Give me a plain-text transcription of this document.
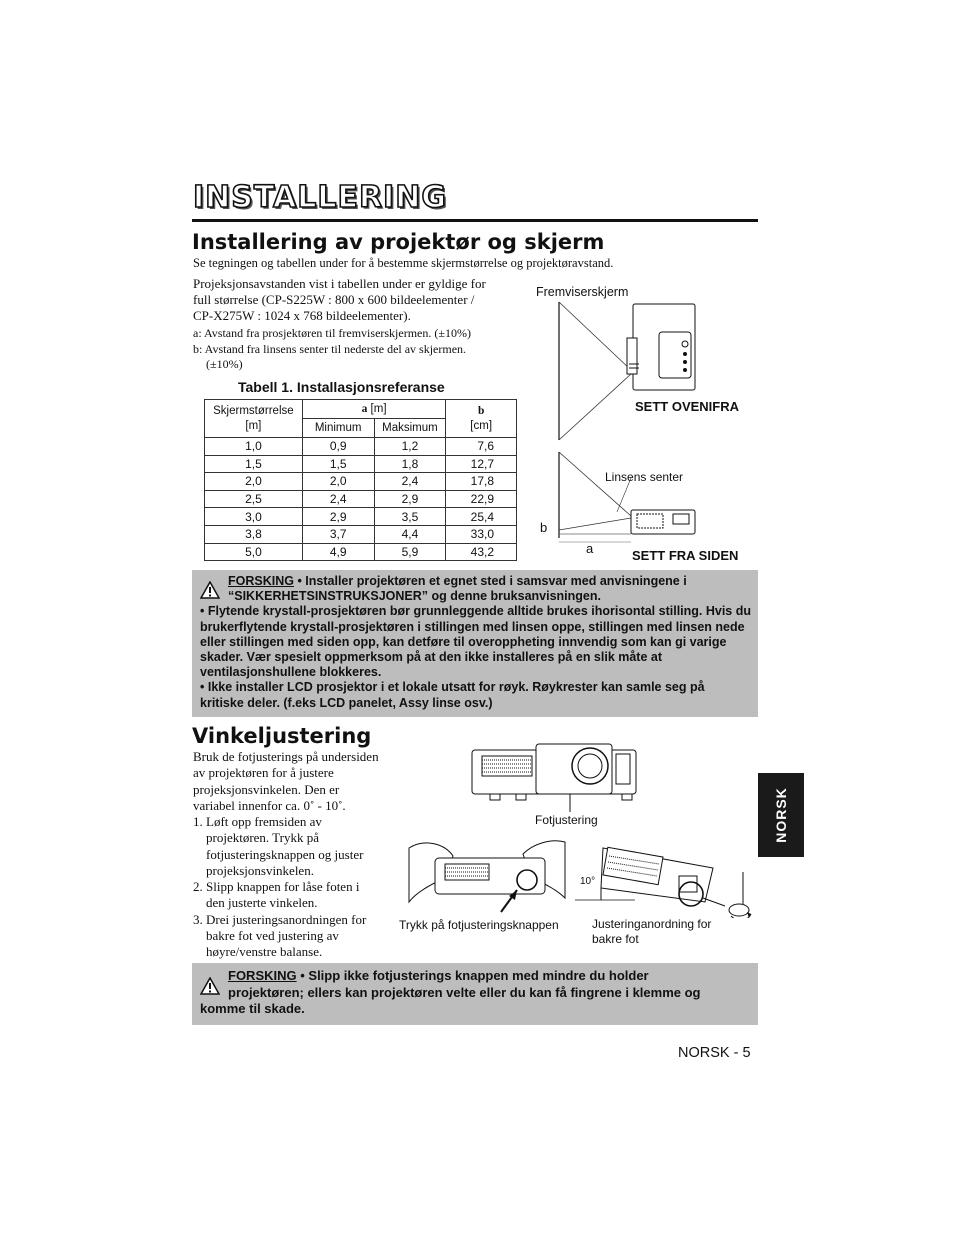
INSTALLERING
Installering av projektør og skjerm
Se tegningen og tabellen under for å bestemme skjermstørrelse og projektøravstand.
Projeksjonsavstanden vist i tabellen under er gyldige for
full størrelse (CP-S225W : 800 x 600 bildeelementer /
CP-X275W : 1024 x 768 bildeelementer).
a: Avstand fra prosjektøren til fremviserskjermen. (±10%)
b: Avstand fra linsens senter til nederste del av skjermen.
(±10%)
Tabell 1. Installasjonsreferanse
Skjermstørrelse
[m]	a [m]		b
[cm]
	Minimum	Maksimum	
1,0	0,9	1,2	7,6
1,5	1,5	1,8	12,7
2,0	2,0	2,4	17,8
2,5	2,4	2,9	22,9
3,0	2,9	3,5	25,4
3,8	3,7	4,4	33,0
5,0	4,9	5,9	43,2
Fremviserskjerm
SETT OVENIFRA
Linsens senter
b
a	SETT FRA SIDEN
FORSKING • Installer projektøren et egnet sted i samsvar med anvisningene i
“SIKKERHETSINSTRUKSJONER” og denne bruksanvisningen.
• Flytende krystall-prosjektøren bør grunnleggende alltide brukes ihorisontal stilling. Hvis du
brukerflytende krystall-prosjektøren i stillingen med linsen oppe, stillingen med linsen nede
eller stillingen med siden opp, kan detføre til overoppheting innvendig som kan gi varige
skader. Vær spesielt oppmerksom på at den ikke installeres på en slik måte at
ventilasjonshullene blokkeres.
• Ikke installer LCD prosjektor i et lokale utsatt for røyk. Røykrester kan samle seg på
kritiske deler. (f.eks LCD panelet, Assy linse osv.)
Vinkeljustering
Bruk de fotjusterings på undersiden
av projektøren for å justere
projeksjonsvinkelen. Den er
variabel innenfor ca. 0˚ - 10˚.
1. Løft opp fremsiden av
projektøren. Trykk på
fotjusteringsknappen og juster
projeksjonsvinkelen.
2. Slipp knappen for låse foten i
den justerte vinkelen.
3. Drei justeringsanordningen for
bakre fot ved justering av
høyre/venstre balanse.
Fotjustering
Trykk på fotjusteringsknappen
10°
Justeringanordning for
bakre fot
FORSKING • Slipp ikke fotjusterings knappen med mindre du holder
projektøren; ellers kan projektøren velte eller du kan få fingrene i klemme og
komme til skade.
NORSK
NORSK - 5
